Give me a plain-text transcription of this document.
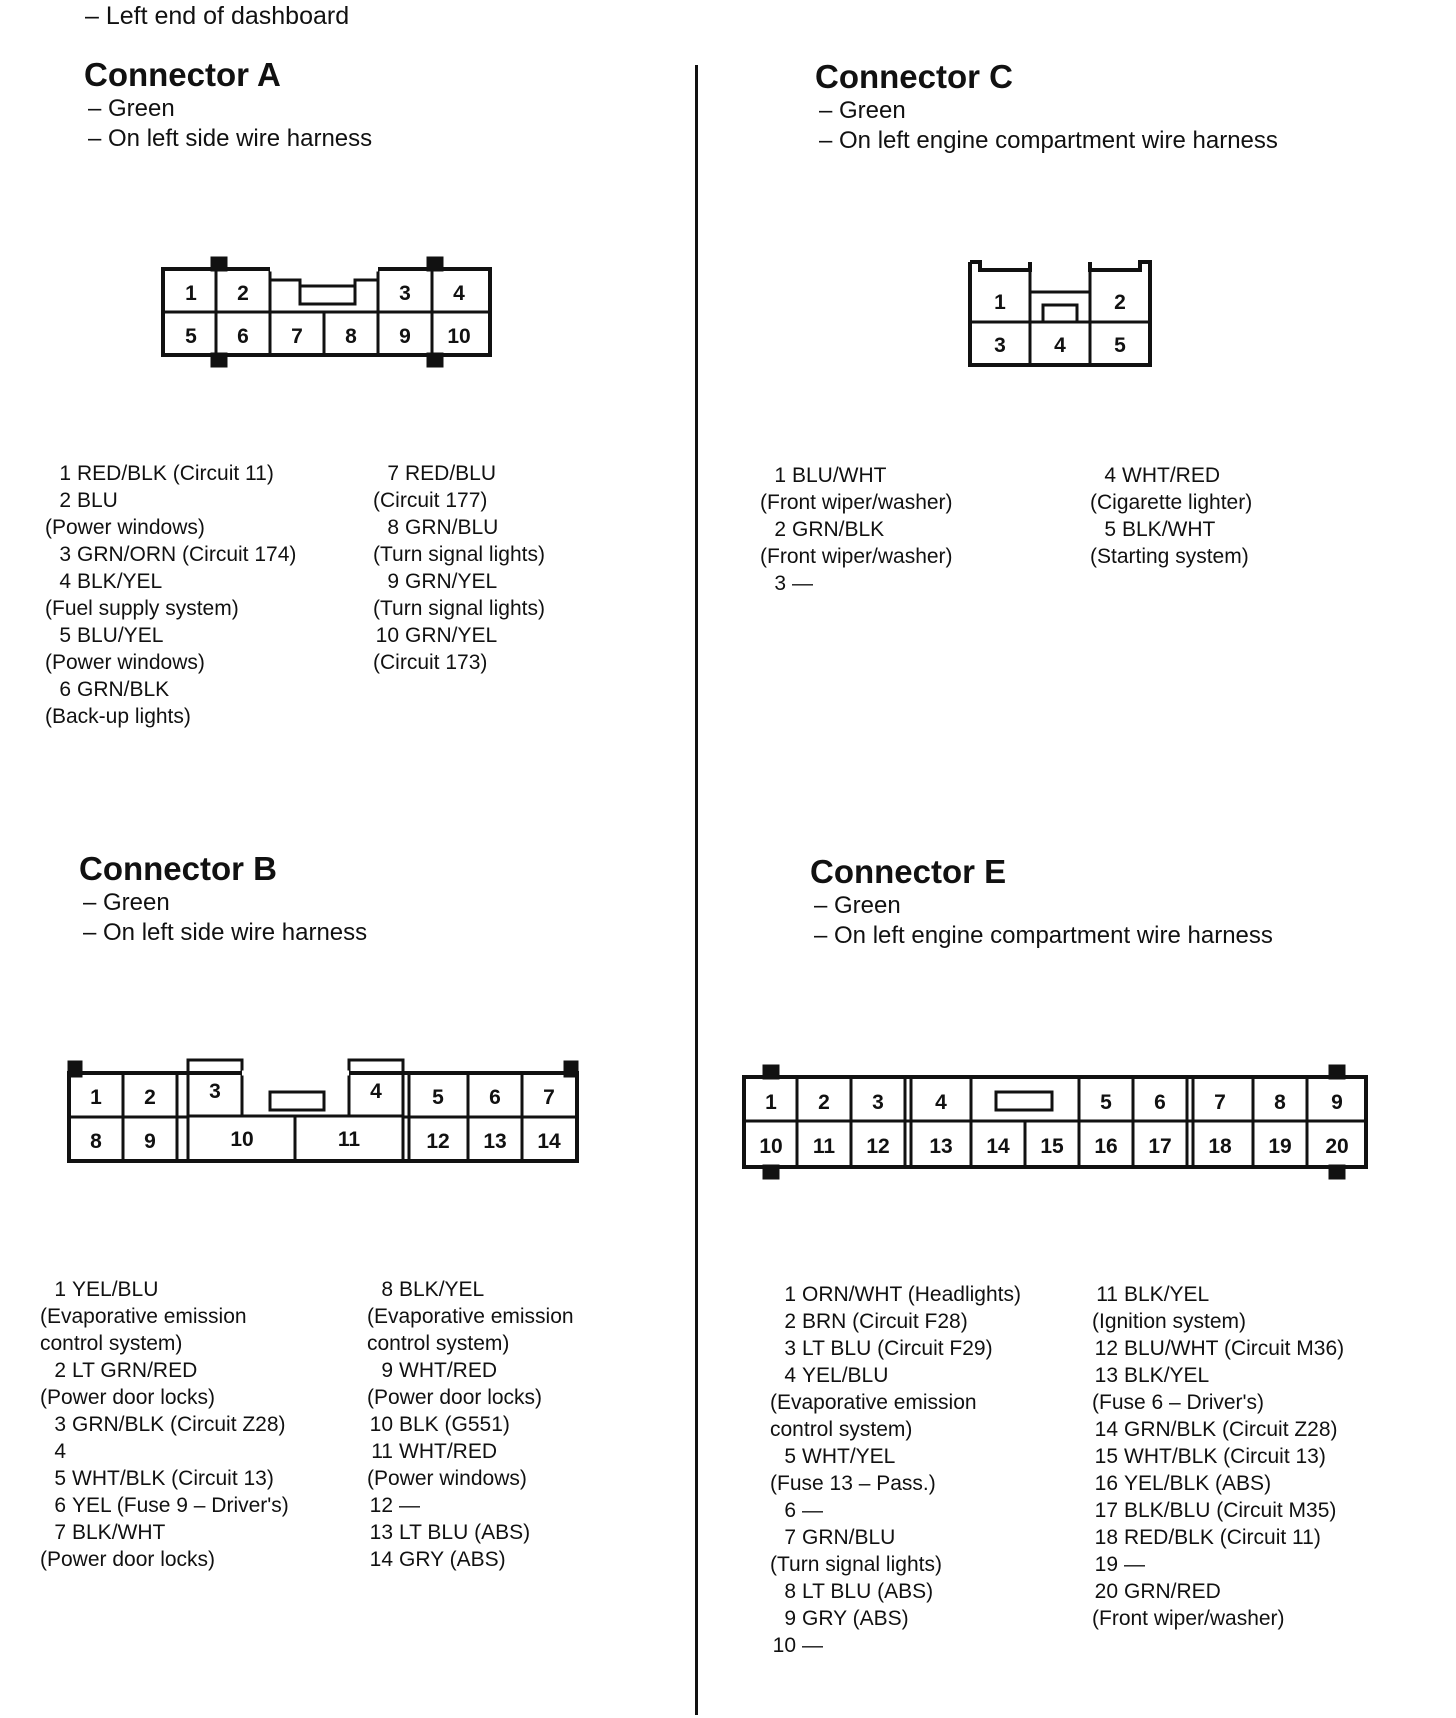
– Left end of dashboard
Connector A
– Green
– On left side wire harness
1 2	3 4
5 6 7 8 9 10
1	2
3 4 5
1 2	3	4 5 6 7
8 9	10	11	12 13 14
1 2 3 4	5 6 7 8 9
10 11 12 13 14 15 16 17 18 19 20
1 RED/BLK (Circuit 11)
2 BLU
(Power windows)
3 GRN/ORN (Circuit 174)
4 BLK/YEL
(Fuel supply system)
5 BLU/YEL
(Power windows)
6 GRN/BLK
(Back-up lights)
7 RED/BLU
(Circuit 177)
8 GRN/BLU
(Turn signal lights)
9 GRN/YEL
(Turn signal lights)
10 GRN/YEL
(Circuit 173)
Connector C
– Green
– On left engine compartment wire harness
1 BLU/WHT
(Front wiper/washer)
2 GRN/BLK
(Front wiper/washer)
3 —
4 WHT/RED
(Cigarette lighter)
5 BLK/WHT
(Starting system)
Connector B
– Green
– On left side wire harness
1 YEL/BLU
(Evaporative emission
control system)
2 LT GRN/RED
(Power door locks)
3 GRN/BLK (Circuit Z28)
4
5 WHT/BLK (Circuit 13)
6 YEL (Fuse 9 – Driver's)
7 BLK/WHT
(Power door locks)
8 BLK/YEL
(Evaporative emission
control system)
9 WHT/RED
(Power door locks)
10 BLK (G551)
11 WHT/RED
(Power windows)
12 —
13 LT BLU (ABS)
14 GRY (ABS)
Connector E
– Green
– On left engine compartment wire harness
1 ORN/WHT (Headlights)
2 BRN (Circuit F28)
3 LT BLU (Circuit F29)
4 YEL/BLU
(Evaporative emission
control system)
5 WHT/YEL
(Fuse 13 – Pass.)
6 —
7 GRN/BLU
(Turn signal lights)
8 LT BLU (ABS)
9 GRY (ABS)
10 —
11 BLK/YEL
(Ignition system)
12 BLU/WHT (Circuit M36)
13 BLK/YEL
(Fuse 6 – Driver's)
14 GRN/BLK (Circuit Z28)
15 WHT/BLK (Circuit 13)
16 YEL/BLK (ABS)
17 BLK/BLU (Circuit M35)
18 RED/BLK (Circuit 11)
19 —
20 GRN/RED
(Front wiper/washer)
